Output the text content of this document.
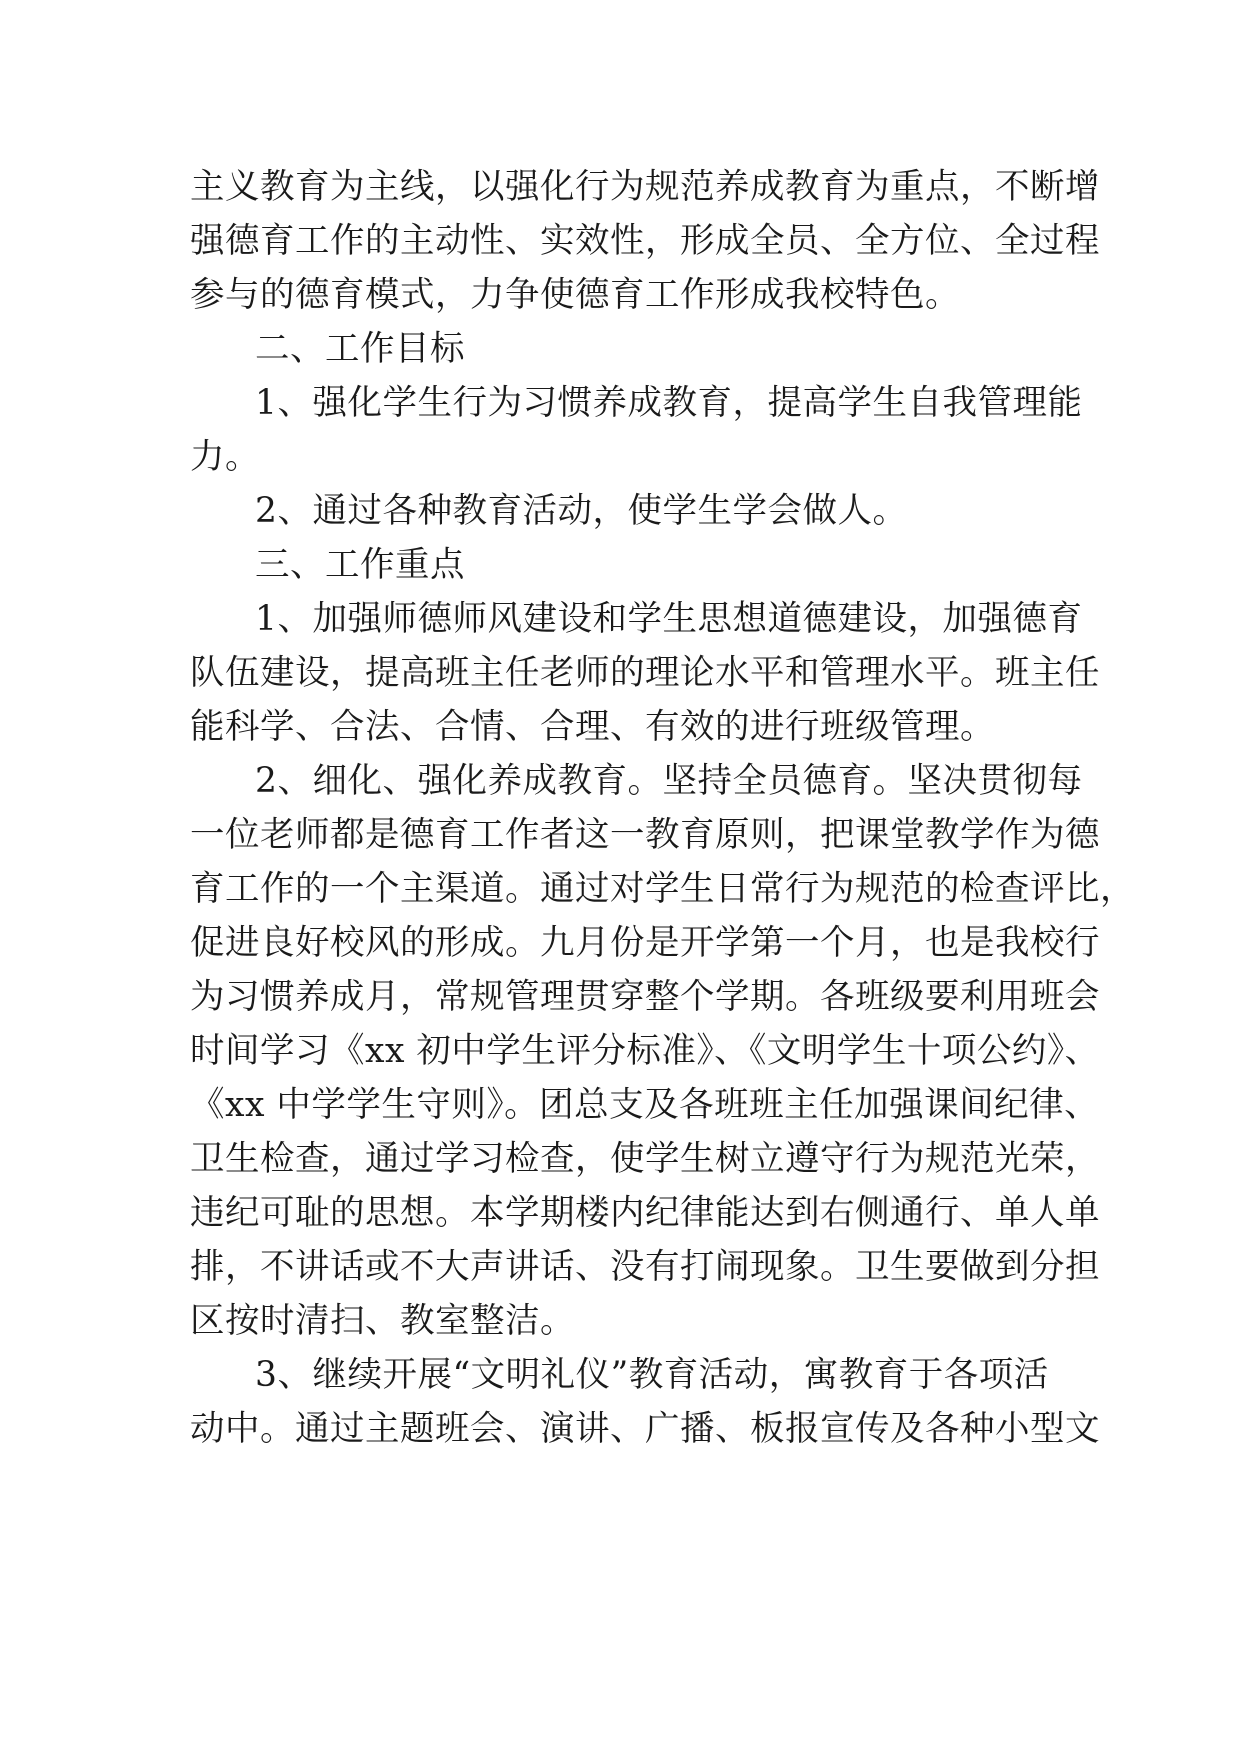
主义教育为主线，以强化行为规范养成教育为重点，不断增
强德育工作的主动性、实效性，形成全员、全方位、全过程
参与的德育模式，力争使德育工作形成我校特色。
二、工作目标
1、强化学生行为习惯养成教育，提高学生自我管理能
力。
2、通过各种教育活动，使学生学会做人。
三、工作重点
1、加强师德师风建设和学生思想道德建设，加强德育
队伍建设，提高班主任老师的理论水平和管理水平。班主任
能科学、合法、合情、合理、有效的进行班级管理。
2、细化、强化养成教育。坚持全员德育。坚决贯彻每
一位老师都是德育工作者这一教育原则，把课堂教学作为德
育工作的一个主渠道。通过对学生日常行为规范的检查评比，
促进良好校风的形成。九月份是开学第一个月，也是我校行
为习惯养成月，常规管理贯穿整个学期。各班级要利用班会
时间学习《xx 初中学生评分标准》、《文明学生十项公约》、
《xx 中学学生守则》。团总支及各班班主任加强课间纪律、
卫生检查，通过学习检查，使学生树立遵守行为规范光荣，
违纪可耻的思想。本学期楼内纪律能达到右侧通行、单人单
排，不讲话或不大声讲话、没有打闹现象。卫生要做到分担
区按时清扫、教室整洁。
3、继续开展“文明礼仪”教育活动，寓教育于各项活
动中。通过主题班会、演讲、广播、板报宣传及各种小型文
